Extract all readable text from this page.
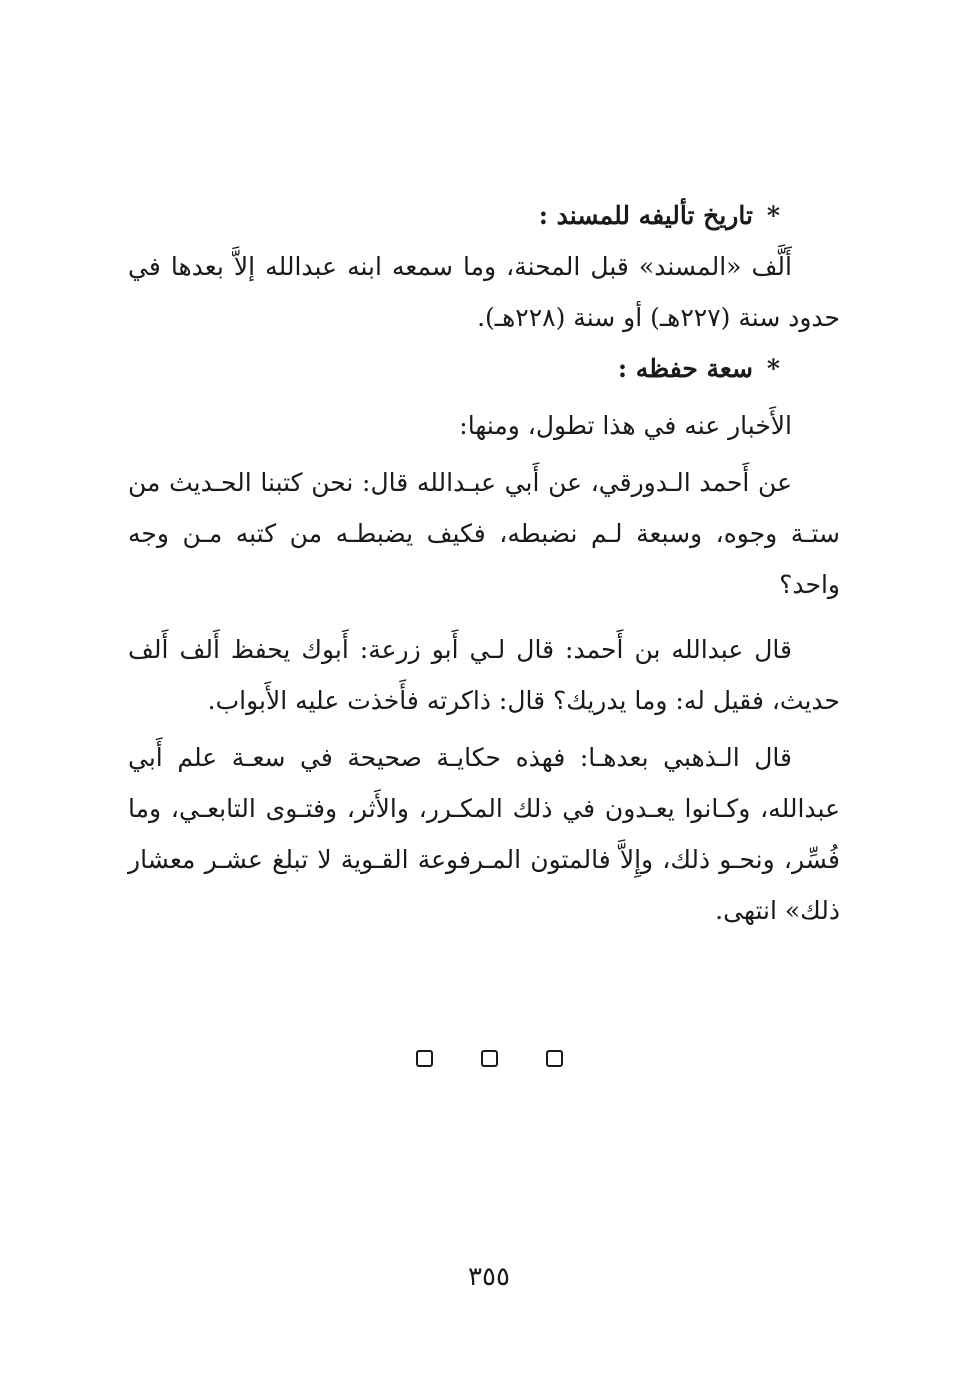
*تاريخ تأليفه للمسند :

أَلَّف «المسند» قبل المحنة، وما سمعه ابنه عبدالله إلاَّ بعدها في حدود سنة (٢٢٧هـ) أو سنة (٢٢٨هـ).

*سعة حفظه :

الأَخبار عنه في هذا تطول، ومنها:

عن أَحمد الـدورقي، عن أَبي عبـدالله قال: نحن كتبنا الحـديث من ستـة وجوه، وسبعة لـم نضبطه، فكيف يضبطـه من كتبه مـن وجه واحد؟

قال عبدالله بن أَحمد: قال لـي أَبو زرعة: أَبوك يحفظ أَلف أَلف حديث، فقيل له: وما يدريك؟ قال: ذاكرته فأَخذت عليه الأَبواب.

قال الـذهبي بعدهـا: فهذه حكايـة صحيحة في سعـة علم أَبي عبدالله، وكـانوا يعـدون في ذلك المكـرر، والأَثر، وفتـوى التابعـي، وما فُسِّر، ونحـو ذلك، وإِلاَّ فالمتون المـرفوعة القـوية لا تبلغ عشـر معشار ذلك» انتهى.

٣٥٥
